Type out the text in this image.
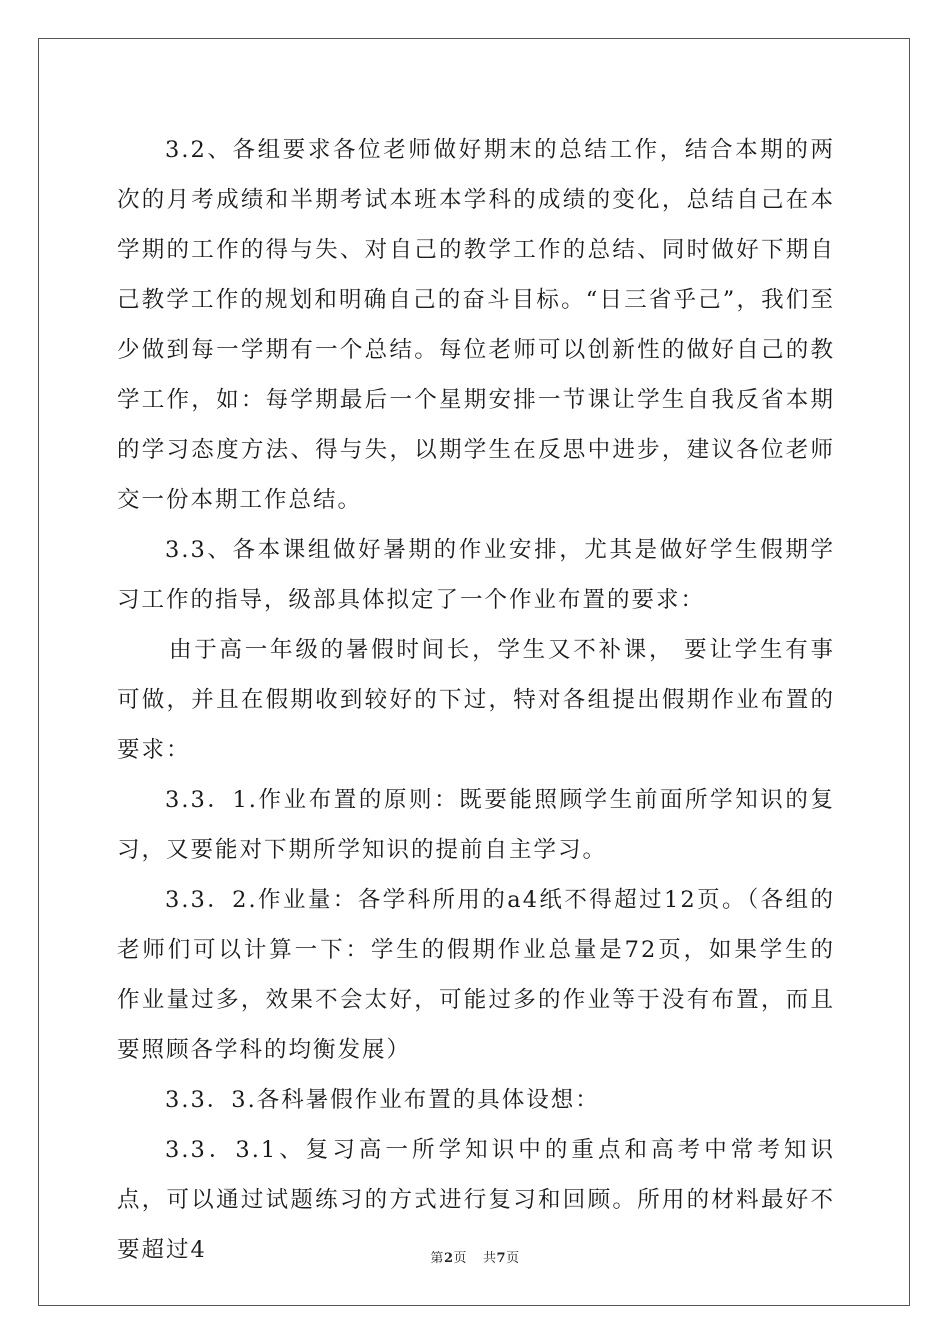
3.2、各组要求各位老师做好期末的总结工作，结合本期的两次的月考成绩和半期考试本班本学科的成绩的变化，总结自己在本学期的工作的得与失、对自己的教学工作的总结、同时做好下期自己教学工作的规划和明确自己的奋斗目标。“日三省乎己”，我们至少做到每一学期有一个总结。每位老师可以创新性的做好自己的教学工作，如：每学期最后一个星期安排一节课让学生自我反省本期的学习态度方法、得与失，以期学生在反思中进步，建议各位老师交一份本期工作总结。

3.3、各本课组做好暑期的作业安排，尤其是做好学生假期学习工作的指导，级部具体拟定了一个作业布置的要求：

由于高一年级的暑假时间长，学生又不补课， 要让学生有事可做，并且在假期收到较好的下过，特对各组提出假期作业布置的要求：

3.3．1.作业布置的原则：既要能照顾学生前面所学知识的复习，又要能对下期所学知识的提前自主学习。

3.3．2.作业量：各学科所用的a4纸不得超过12页。（各组的老师们可以计算一下：学生的假期作业总量是72页，如果学生的作业量过多，效果不会太好，可能过多的作业等于没有布置，而且要照顾各学科的均衡发展）

3.3．3.各科暑假作业布置的具体设想：

3.3．3.1、复习高一所学知识中的重点和高考中常考知识点，可以通过试题练习的方式进行复习和回顾。所用的材料最好不要超过4	第2页 共7页
